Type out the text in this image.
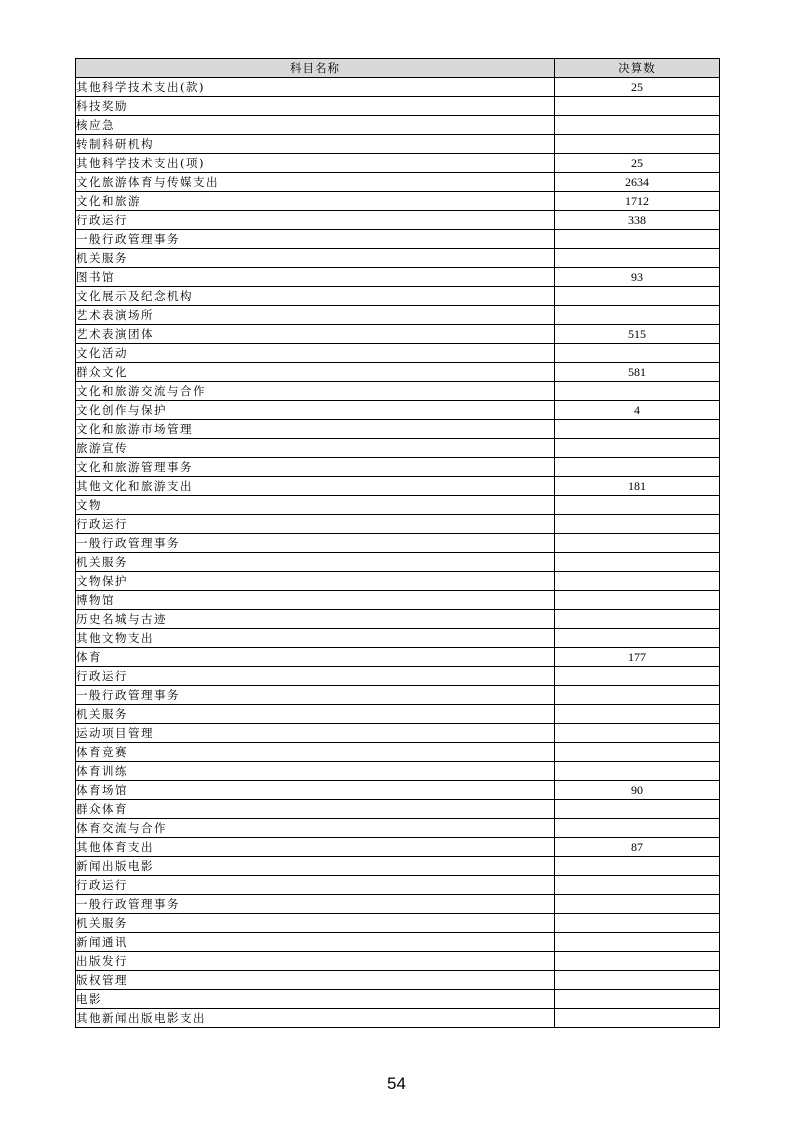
科目名称	决算数
其他科学技术支出(款)	25
科技奖励	
核应急	
转制科研机构	
其他科学技术支出(项)	25
文化旅游体育与传媒支出	2634
文化和旅游	1712
行政运行	338
一般行政管理事务	
机关服务	
图书馆	93
文化展示及纪念机构	
艺术表演场所	
艺术表演团体	515
文化活动	
群众文化	581
文化和旅游交流与合作	
文化创作与保护	4
文化和旅游市场管理	
旅游宣传	
文化和旅游管理事务	
其他文化和旅游支出	181
文物	
行政运行	
一般行政管理事务	
机关服务	
文物保护	
博物馆	
历史名城与古迹	
其他文物支出	
体育	177
行政运行	
一般行政管理事务	
机关服务	
运动项目管理	
体育竞赛	
体育训练	
体育场馆	90
群众体育	
体育交流与合作	
其他体育支出	87
新闻出版电影	
行政运行	
一般行政管理事务	
机关服务	
新闻通讯	
出版发行	
版权管理	
电影	
其他新闻出版电影支出	
54
